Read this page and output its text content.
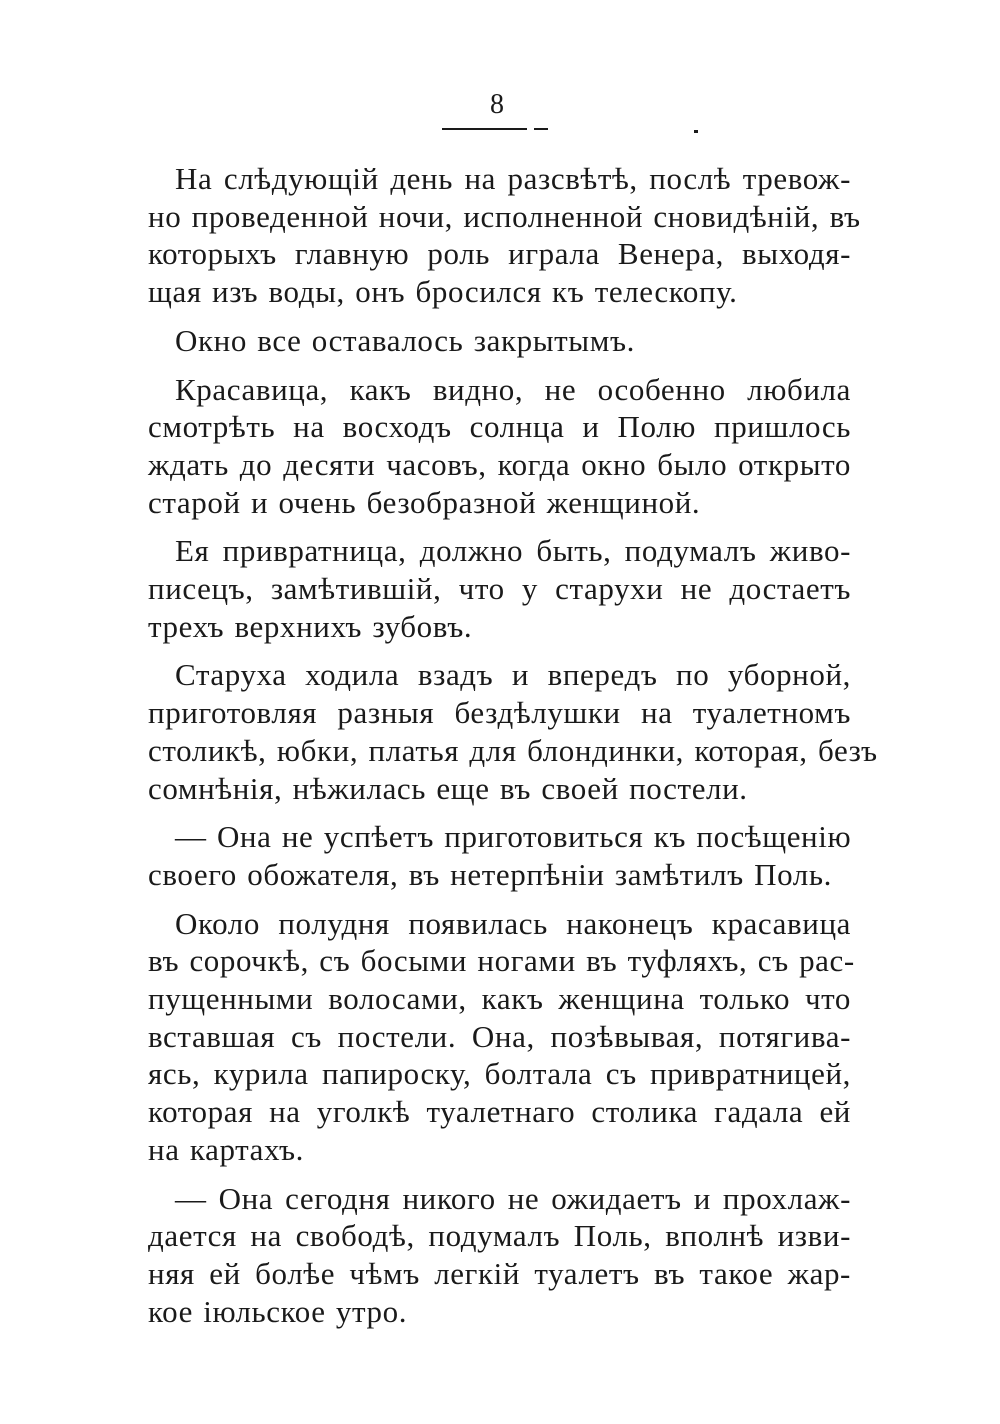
8

На слѣдующій день на разсвѣтѣ, послѣ тревож-
но проведенной ночи, исполненной сновидѣній, въ
которыхъ главную роль играла Венера, выходя-
щая изъ воды, онъ бросился къ телескопу.

Окно все оставалось закрытымъ.

Красавица, какъ видно, не особенно любила
смотрѣть на восходъ солнца и Полю пришлось
ждать до десяти часовъ, когда окно было открыто
старой и очень безобразной женщиной.

Ея привратница, должно быть, подумалъ живо-
писецъ, замѣтившій, что у старухи не достаетъ
трехъ верхнихъ зубовъ.

Старуха ходила взадъ и впередъ по уборной,
приготовляя разныя бездѣлушки на туалетномъ
столикѣ, юбки, платья для блондинки, которая, безъ
сомнѣнія, нѣжилась еще въ своей постели.

— Она не успѣетъ приготовиться къ посѣщенію
своего обожателя, въ нетерпѣніи замѣтилъ Поль.

Около полудня появилась наконецъ красавица
въ сорочкѣ, съ босыми ногами въ туфляхъ, съ рас-
пущенными волосами, какъ женщина только что
вставшая съ постели. Она, позѣвывая, потягива-
ясь, курила папироску, болтала съ привратницей,
которая на уголкѣ туалетнаго столика гадала ей
на картахъ.

— Она сегодня никого не ожидаетъ и прохлаж-
дается на свободѣ, подумалъ Поль, вполнѣ изви-
няя ей болѣе чѣмъ легкій туалетъ въ такое жар-
кое іюльское утро.
